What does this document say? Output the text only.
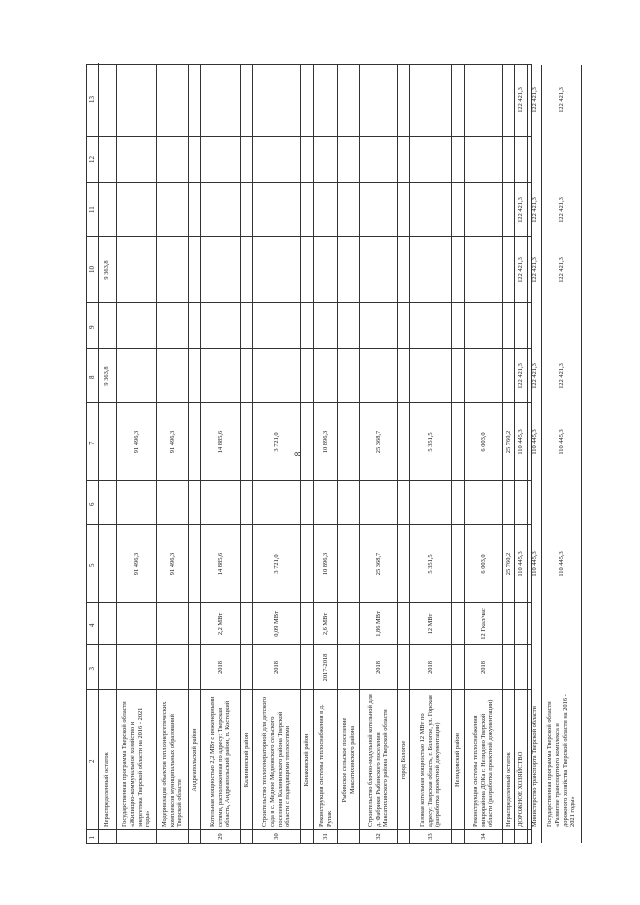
8
1
2
3
4
5
6
7
8
9
10
11
12
13
Нераспределенный остаток
9 363,8
9 363,8
Государственная программа Тверской области «Жилищно-коммунальное хозяйство и энергетика Тверской области на 2016 - 2021 годы»
91 496,3
91 496,3
Модернизация объектов теплоэнергетических комплексов муниципальных образований Тверской области
91 496,3
91 496,3
Андреапольский район
29
Котельная мощностью 2,2 МВт с инженерными сетями, расположенная по адресу: Тверская область, Андреапольский район, п. Костецкий
2018
2,2 МВт
14 885,6
14 885,6
Калининский район
30
Строительство теплогенераторной для детского сада в с. Медное Медновского сельского поселения Калининского района Тверской области с подводящими теплосетями
2018
0,09 МВт
3 721,0
3 721,0
Конаковский район
31
Реконструкция системы теплоснабжения в д. Рупак
2017-2018
2,6 МВт
10 896,3
10 896,3
Рыбинское сельское поселение Максатихинского района
32
Строительство блочно-модульной котельной для д. Фабрики Рыбинского поселения Максатихинского района Тверской области
2018
1,86 МВт
25 368,7
25 368,7
город Бологое
33
Газовая котельная мощностью 12 МВт по адресу: Тверская область, г. Бологое, ул. Горская (разработка проектной документации)
2018
12 МВт
5 351,5
5 351,5
Нелидовский район
34
Реконструкция системы теплоснабжения микрорайона ДОКа г. Нелидово Тверской области (разработка проектной документации)
2018
12 Гкал/час
6 003,0
6 003,0
Нераспределенный остаток
25 760,2
25 760,2
ДОРОЖНОЕ ХОЗЯЙСТВО
110 445,3
110 445,3
122 421,3
122 421,3
122 421,3
122 421,3
Министерство транспорта Тверской области
110 445,3
110 445,3
122 421,3
122 421,3
122 421,3
122 421,3
Государственная программа Тверской области «Развитие транспортного комплекса и дорожного хозяйства Тверской области на 2016 - 2021 годы»
110 445,3
110 445,3
122 421,3
122 421,3
122 421,3
122 421,3
